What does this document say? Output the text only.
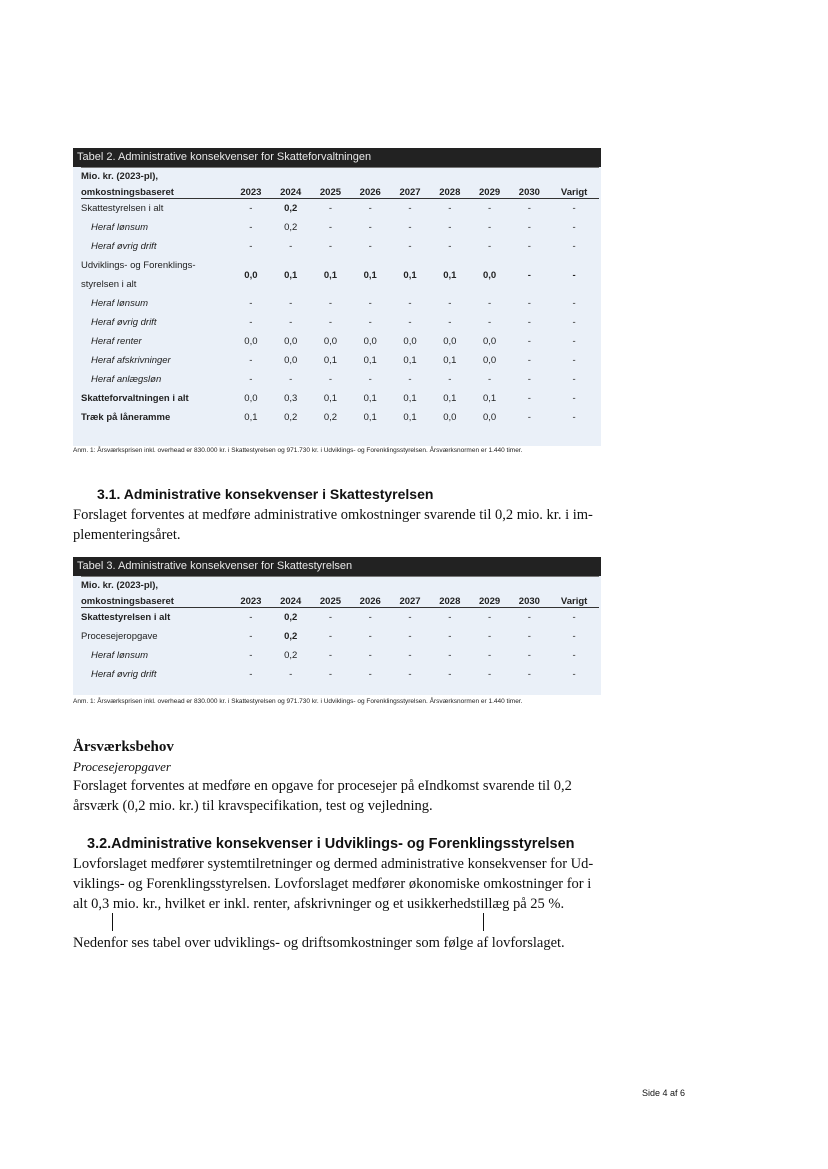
Tabel 2. Administrative konsekvenser for Skatteforvaltningen
Mio. kr. (2023-pl),									
omkostningsbaseret	2023	2024	2025	2026	2027	2028	2029	2030	Varigt
Skattestyrelsen i alt	-	0,2	-	-	-	-	-	-	-
Heraf lønsum	-	0,2	-	-	-	-	-	-	-
Heraf øvrig drift	-	-	-	-	-	-	-	-	-
Udviklings- og Forenklings-
styrelsen i alt	0,0	0,1	0,1	0,1	0,1	0,1	0,0	-	-
Heraf lønsum	-	-	-	-	-	-	-	-	-
Heraf øvrig drift	-	-	-	-	-	-	-	-	-
Heraf renter	0,0	0,0	0,0	0,0	0,0	0,0	0,0	-	-
Heraf afskrivninger	-	0,0	0,1	0,1	0,1	0,1	0,0	-	-
Heraf anlægsløn	-	-	-	-	-	-	-	-	-
Skatteforvaltningen i alt	0,0	0,3	0,1	0,1	0,1	0,1	0,1	-	-
Træk på låneramme	0,1	0,2	0,2	0,1	0,1	0,0	0,0	-	-
Anm. 1: Årsværksprisen inkl. overhead er 830.000 kr. i Skattestyrelsen og 971.730 kr. i Udviklings- og Forenklingsstyrelsen. Årsværksnormen er 1.440 timer.
3.1. Administrative konsekvenser i Skattestyrelsen
Forslaget forventes at medføre administrative omkostninger svarende til 0,2 mio. kr. i im-
plementeringsåret.
Tabel 3. Administrative konsekvenser for Skattestyrelsen
Mio. kr. (2023-pl),									
omkostningsbaseret	2023	2024	2025	2026	2027	2028	2029	2030	Varigt
Skattestyrelsen i alt	-	0,2	-	-	-	-	-	-	-
Procesejeropgave	-	0,2	-	-	-	-	-	-	-
Heraf lønsum	-	0,2	-	-	-	-	-	-	-
Heraf øvrig drift	-	-	-	-	-	-	-	-	-
Anm. 1: Årsværksprisen inkl. overhead er 830.000 kr. i Skattestyrelsen og 971.730 kr. i Udviklings- og Forenklingsstyrelsen. Årsværksnormen er 1.440 timer.
Årsværksbehov
Procesejeropgaver
Forslaget forventes at medføre en opgave for procesejer på eIndkomst svarende til 0,2
årsværk (0,2 mio. kr.) til kravspecifikation, test og vejledning.
3.2.Administrative konsekvenser i Udviklings- og Forenklingsstyrelsen
Lovforslaget medfører systemtilretninger og dermed administrative konsekvenser for Ud-
viklings- og Forenklingsstyrelsen. Lovforslaget medfører økonomiske omkostninger for i
alt 0,3 mio. kr., hvilket er inkl. renter, afskrivninger og et usikkerhedstillæg på 25 %.
Nedenfor ses tabel over udviklings- og driftsomkostninger som følge af lovforslaget.
Side 4 af 6
